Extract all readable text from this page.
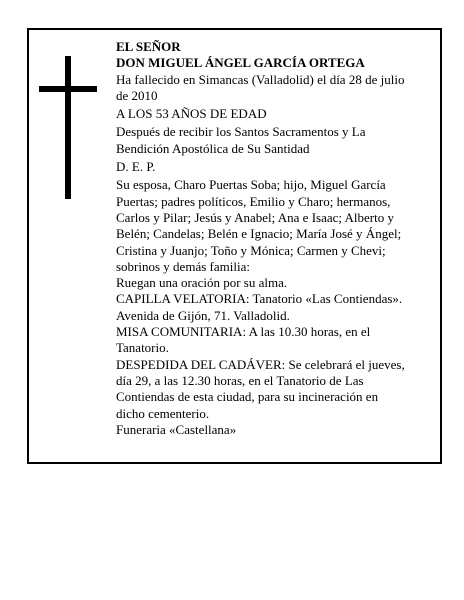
EL SEÑOR
DON MIGUEL ÁNGEL GARCÍA ORTEGA
Ha fallecido en Simancas (Valladolid) el día 28 de julio
de 2010
A LOS 53 AÑOS DE EDAD
Después de recibir los Santos Sacramentos y La
Bendición Apostólica de Su Santidad
D. E. P.
Su esposa, Charo Puertas Soba; hijo, Miguel García
Puertas; padres políticos, Emilio y Charo; hermanos,
Carlos y Pilar; Jesús y Anabel; Ana e Isaac; Alberto y
Belén; Candelas; Belén e Ignacio; María José y Ángel;
Cristina y Juanjo; Toño y Mónica; Carmen y Chevi;
sobrinos y demás familia:
Ruegan una oración por su alma.
CAPILLA VELATORIA: Tanatorio «Las Contiendas».
Avenida de Gijón, 71. Valladolid.
MISA COMUNITARIA: A las 10.30 horas, en el
Tanatorio.
DESPEDIDA DEL CADÁVER: Se celebrará el jueves,
día 29, a las 12.30 horas, en el Tanatorio de Las
Contiendas de esta ciudad, para su incineración en
dicho cementerio.
Funeraria «Castellana»
